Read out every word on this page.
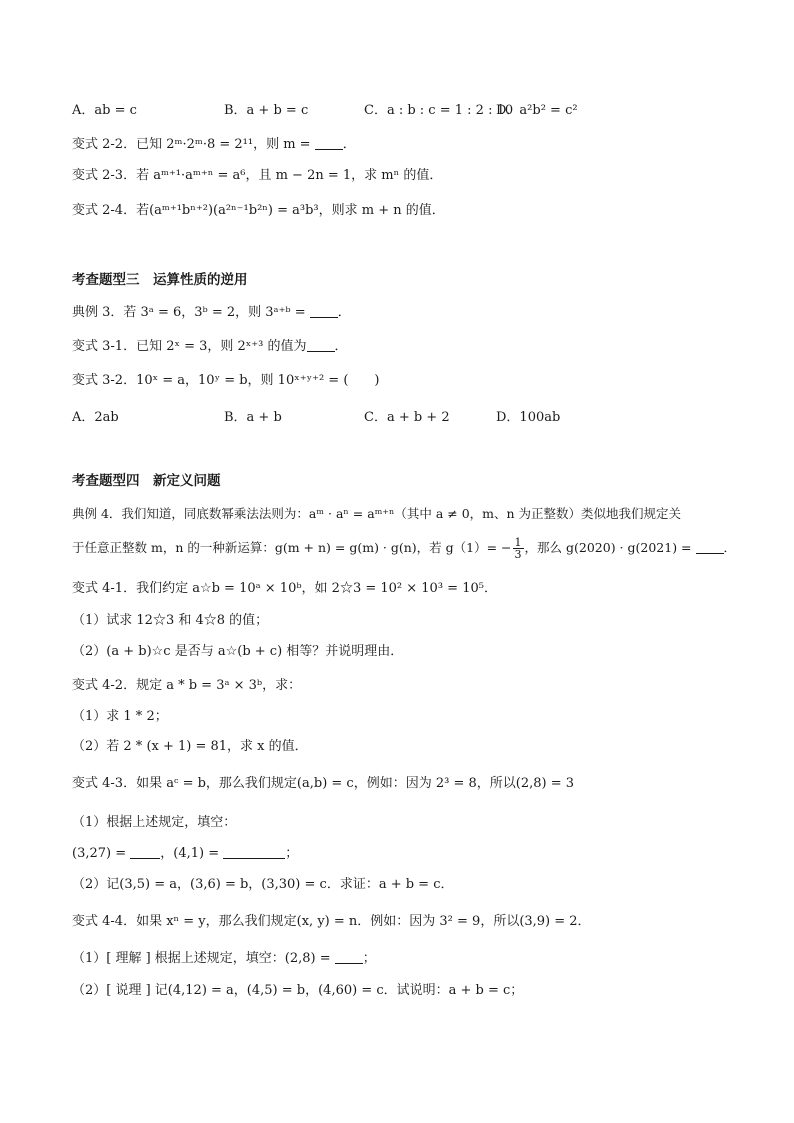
A．ab = c	B．a + b = c	C．a : b : c = 1 : 2 : 10
D．a²b² = c²
变式 2-2．已知 2ᵐ·2ᵐ·8 = 2¹¹，则 m = ．
变式 2-3．若 aᵐ⁺¹·aᵐ⁺ⁿ = a⁶，且 m − 2n = 1，求 mⁿ 的值．
变式 2-4．若(aᵐ⁺¹bⁿ⁺²)(a²ⁿ⁻¹b²ⁿ) = a³b³，则求 m + n 的值．
考查题型三　运算性质的逆用
典例 3．若 3ᵃ = 6，3ᵇ = 2，则 3ᵃ⁺ᵇ = ．
变式 3-1．已知 2ˣ = 3，则 2ˣ⁺³ 的值为 ．
变式 3-2．10ˣ = a，10ʸ = b，则 10ˣ⁺ʸ⁺² = (　　)
A．2ab	B．a + b	C．a + b + 2	D．100ab
考查题型四　新定义问题
典例 4．我们知道，同底数幂乘法法则为：aᵐ · aⁿ = aᵐ⁺ⁿ（其中 a ≠ 0，m、n 为正整数）类似地我们规定关
于任意正整数 m，n 的一种新运算：g(m + n) = g(m) · g(n)，若 $g(1)= - \frac{1}{3}$ ，那么 g(2020) · g(2021) =	．
变式 4-1．我们约定 a☆b = 10ᵃ × 10ᵇ，如 2☆3 = 10² × 10³ = 10⁵．
（1）试求 12☆3 和 4☆8 的值；
（2）(a + b)☆c 是否与 a☆(b + c) 相等？并说明理由．
变式 4-2．规定 a * b = 3ᵃ × 3ᵇ，求：
（1）求 1 * 2；
（2）若 2 * (x + 1) = 81，求 x 的值．
变式 4-3．如果 aᶜ = b，那么我们规定(a,b) = c，例如：因为 2³ = 8，所以(2,8) = 3
（1）根据上述规定，填空：
(3,27) =	，(4,1) =	；
（2）记(3,5) = a，(3,6) = b，(3,30) = c．求证：a + b = c．
变式 4-4．如果 xⁿ = y，那么我们规定(x, y) = n．例如：因为 3² = 9，所以(3,9) = 2．
（1）[ 理解 ] 根据上述规定，填空：(2,8) = ；
（2）[ 说理 ] 记(4,12) = a，(4,5) = b，(4,60) = c．试说明：a + b = c；
